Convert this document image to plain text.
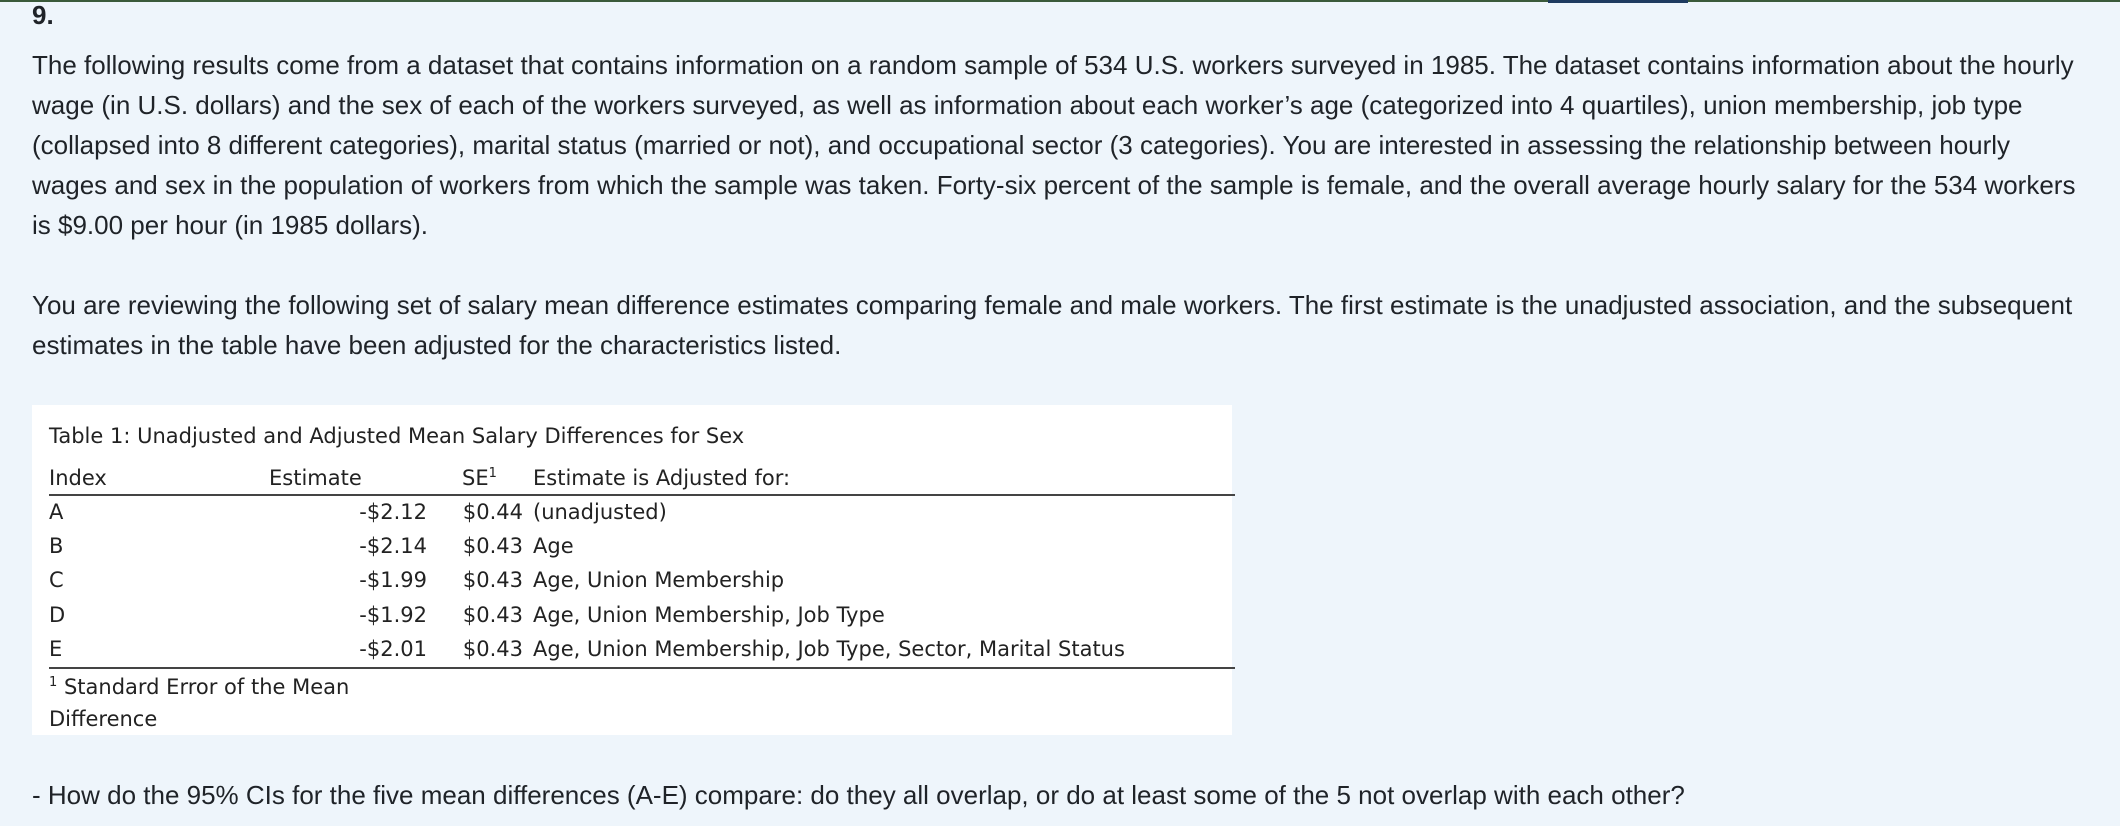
9.

The following results come from a dataset that contains information on a random sample of 534 U.S. workers surveyed in 1985. The dataset contains information about the hourly wage (in U.S. dollars) and the sex of each of the workers surveyed, as well as information about each worker’s age (categorized into 4 quartiles), union membership, job type (collapsed into 8 different categories), marital status (married or not), and occupational sector (3 categories). You are interested in assessing the relationship between hourly wages and sex in the population of workers from which the sample was taken. Forty-six percent of the sample is female, and the overall average hourly salary for the 534 workers is $9.00 per hour (in 1985 dollars).

You are reviewing the following set of salary mean difference estimates comparing female and male workers. The first estimate is the unadjusted association, and the subsequent estimates in the table have been adjusted for the characteristics listed.

Table 1: Unadjusted and Adjusted Mean Salary Differences for Sex
Index	Estimate	$SE^1$ Estimate is Adjusted for:
A	-$2.12	$0.44 (unadjusted)
B	-$2.14	$0.43 Age
C	-$1.99	$0.43 Age, Union Membership
D	-$1.92	$0.43 Age, Union Membership, Job Type
E	-$2.01	$0.43 Age, Union Membership, Job Type, Sector, Marital Status
$^1$ Standard Error of the Mean Difference

- How do the 95% CIs for the five mean differences (A-E) compare: do they all overlap, or do at least some of the 5 not overlap with each other?
